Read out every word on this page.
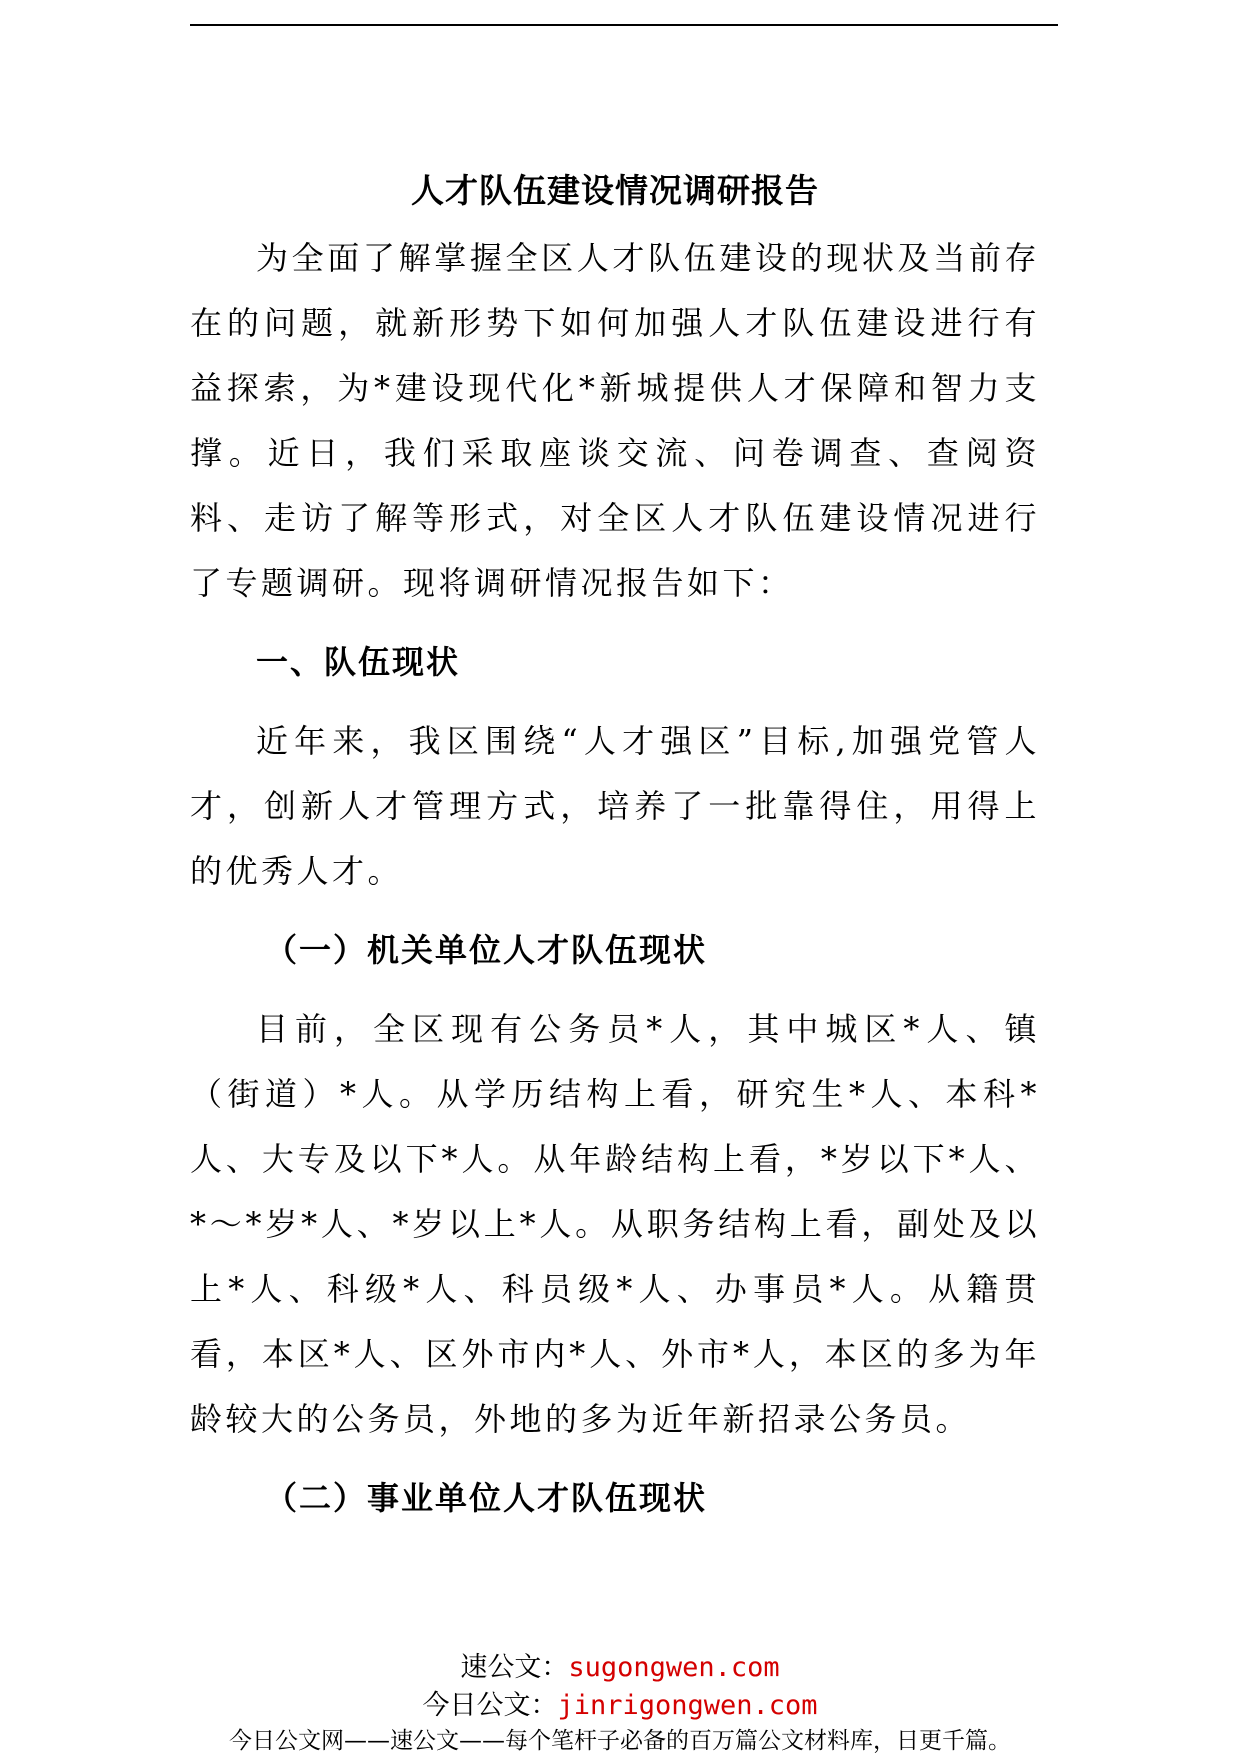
人才队伍建设情况调研报告

为全面了解掌握全区人才队伍建设的现状及当前存在的问题，就新形势下如何加强人才队伍建设进行有益探索，为*建设现代化*新城提供人才保障和智力支撑。近日，我们采取座谈交流、问卷调查、查阅资料、走访了解等形式，对全区人才队伍建设情况进行了专题调研。现将调研情况报告如下：

一、队伍现状

近年来，我区围绕“人才强区”目标,加强党管人才，创新人才管理方式，培养了一批靠得住，用得上的优秀人才。

（一）机关单位人才队伍现状

目前，全区现有公务员*人，其中城区*人、镇（街道）*人。从学历结构上看，研究生*人、本科*人、大专及以下*人。从年龄结构上看，*岁以下*人、*～*岁*人、*岁以上*人。从职务结构上看，副处及以上*人、科级*人、科员级*人、办事员*人。从籍贯看，本区*人、区外市内*人、外市*人，本区的多为年龄较大的公务员，外地的多为近年新招录公务员。

（二）事业单位人才队伍现状
速公文：sugongwen.com
今日公文：jinrigongwen.com
今日公文网——速公文——每个笔杆子必备的百万篇公文材料库，日更千篇。
